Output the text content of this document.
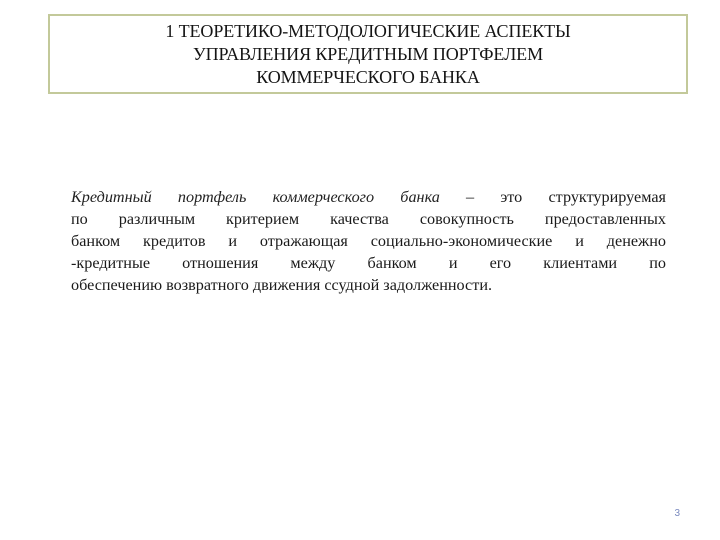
1 ТЕОРЕТИКО-МЕТОДОЛОГИЧЕСКИЕ АСПЕКТЫ
УПРАВЛЕНИЯ КРЕДИТНЫМ ПОРТФЕЛЕМ
КОММЕРЧЕСКОГО БАНКА
Кредитный портфель коммерческого банка – это структурируемая
по различным критерием качества совокупность предоставленных
банком кредитов и отражающая социально-экономические и денежно
-кредитные отношения между банком и его клиентами по
обеспечению возвратного движения ссудной задолженности.
3
